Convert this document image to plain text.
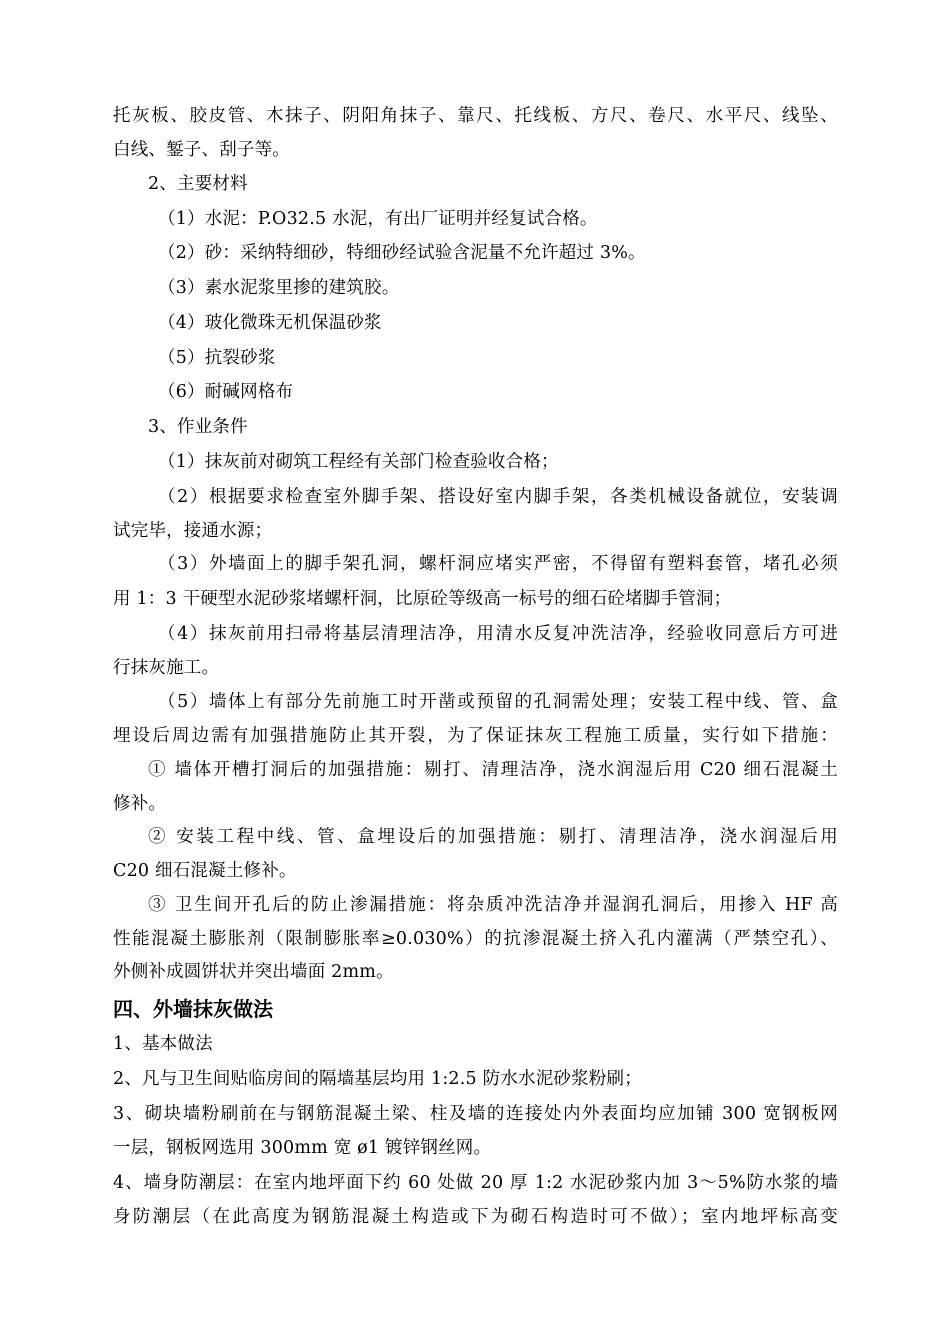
托灰板、胶皮管、木抹子、阴阳角抹子、靠尺、托线板、方尺、卷尺、水平尺、线坠、
白线、錾子、刮子等。
2、主要材料
（1）水泥：P.O32.5 水泥，有出厂证明并经复试合格。
（2）砂：采纳特细砂，特细砂经试验含泥量不允许超过 3%。
（3）素水泥浆里掺的建筑胶。
（4）玻化微珠无机保温砂浆
（5）抗裂砂浆
（6）耐碱网格布
3、作业条件
（1）抹灰前对砌筑工程经有关部门检查验收合格；
（2）根据要求检查室外脚手架、搭设好室内脚手架，各类机械设备就位，安装调
试完毕，接通水源；
（3）外墙面上的脚手架孔洞，螺杆洞应堵实严密，不得留有塑料套管，堵孔必须
用 1：3 干硬型水泥砂浆堵螺杆洞，比原砼等级高一标号的细石砼堵脚手管洞；
（4）抹灰前用扫帚将基层清理洁净，用清水反复冲洗洁净，经验收同意后方可进
行抹灰施工。
（5）墙体上有部分先前施工时开凿或预留的孔洞需处理；安装工程中线、管、盒
埋设后周边需有加强措施防止其开裂，为了保证抹灰工程施工质量，实行如下措施：
① 墙体开槽打洞后的加强措施：剔打、清理洁净，浇水润湿后用 C20 细石混凝土
修补。
② 安装工程中线、管、盒埋设后的加强措施：剔打、清理洁净，浇水润湿后用
C20 细石混凝土修补。
③ 卫生间开孔后的防止渗漏措施：将杂质冲洗洁净并湿润孔洞后，用掺入 HF 高
性能混凝土膨胀剂（限制膨胀率≥0.030%）的抗渗混凝土挤入孔内灌满（严禁空孔）、
外侧补成圆饼状并突出墙面 2mm。
四、外墙抹灰做法
1、基本做法
2、凡与卫生间贴临房间的隔墙基层均用 1:2.5 防水水泥砂浆粉刷；
3、砌块墙粉刷前在与钢筋混凝土梁、柱及墙的连接处内外表面均应加铺 300 宽钢板网
一层，钢板网选用 300mm 宽 ø1 镀锌钢丝网。
4、墙身防潮层：在室内地坪面下约 60 处做 20 厚 1:2 水泥砂浆内加 3～5%防水浆的墙
身防潮层（在此高度为钢筋混凝土构造或下为砌石构造时可不做）；室内地坪标高变
